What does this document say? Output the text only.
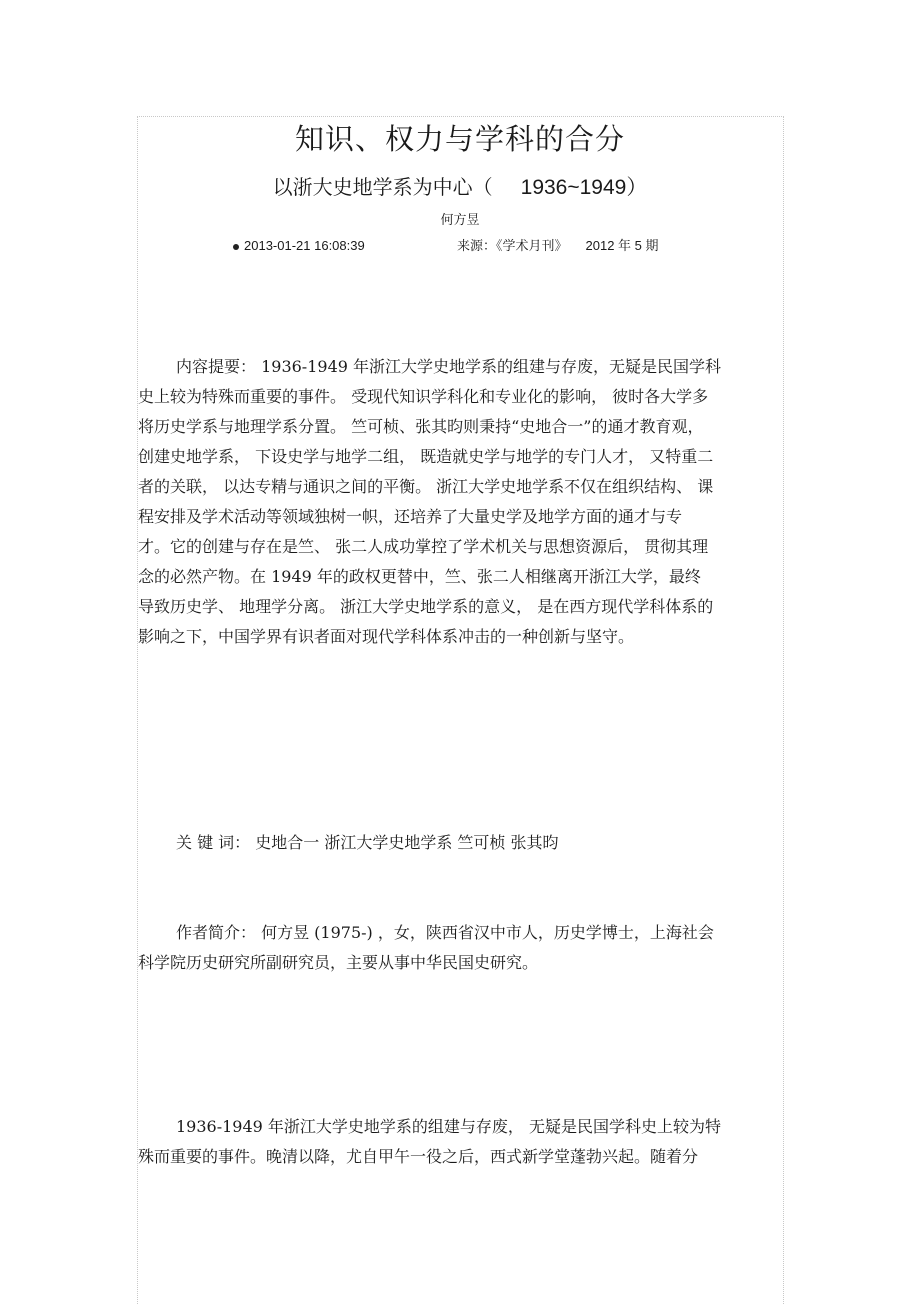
知识、权力与学科的合分
以浙大史地学系为中心（ 1936~1949）
何方昱
2013-01-21 16:08:39	来源：《学术月刊》 2012 年 5 期
内容提要： 1936-1949 年浙江大学史地学系的组建与存废，无疑是民国学科
史上较为特殊而重要的事件。 受现代知识学科化和专业化的影响， 彼时各大学多
将历史学系与地理学系分置。 竺可桢、张其昀则秉持“史地合一”的通才教育观，
创建史地学系， 下设史学与地学二组， 既造就史学与地学的专门人才， 又特重二
者的关联， 以达专精与通识之间的平衡。 浙江大学史地学系不仅在组织结构、 课
程安排及学术活动等领域独树一帜，还培养了大量史学及地学方面的通才与专
才。它的创建与存在是竺、 张二人成功掌控了学术机关与思想资源后， 贯彻其理
念的必然产物。在 1949 年的政权更替中，竺、张二人相继离开浙江大学，最终
导致历史学、 地理学分离。 浙江大学史地学系的意义， 是在西方现代学科体系的
影响之下，中国学界有识者面对现代学科体系冲击的一种创新与坚守。
关 键 词： 史地合一 浙江大学史地学系 竺可桢 张其昀
作者简介： 何方昱 (1975-) ，女，陕西省汉中市人，历史学博士，上海社会
科学院历史研究所副研究员，主要从事中华民国史研究。
1936-1949 年浙江大学史地学系的组建与存废， 无疑是民国学科史上较为特
殊而重要的事件。晚清以降，尤自甲午一役之后，西式新学堂蓬勃兴起。随着分
